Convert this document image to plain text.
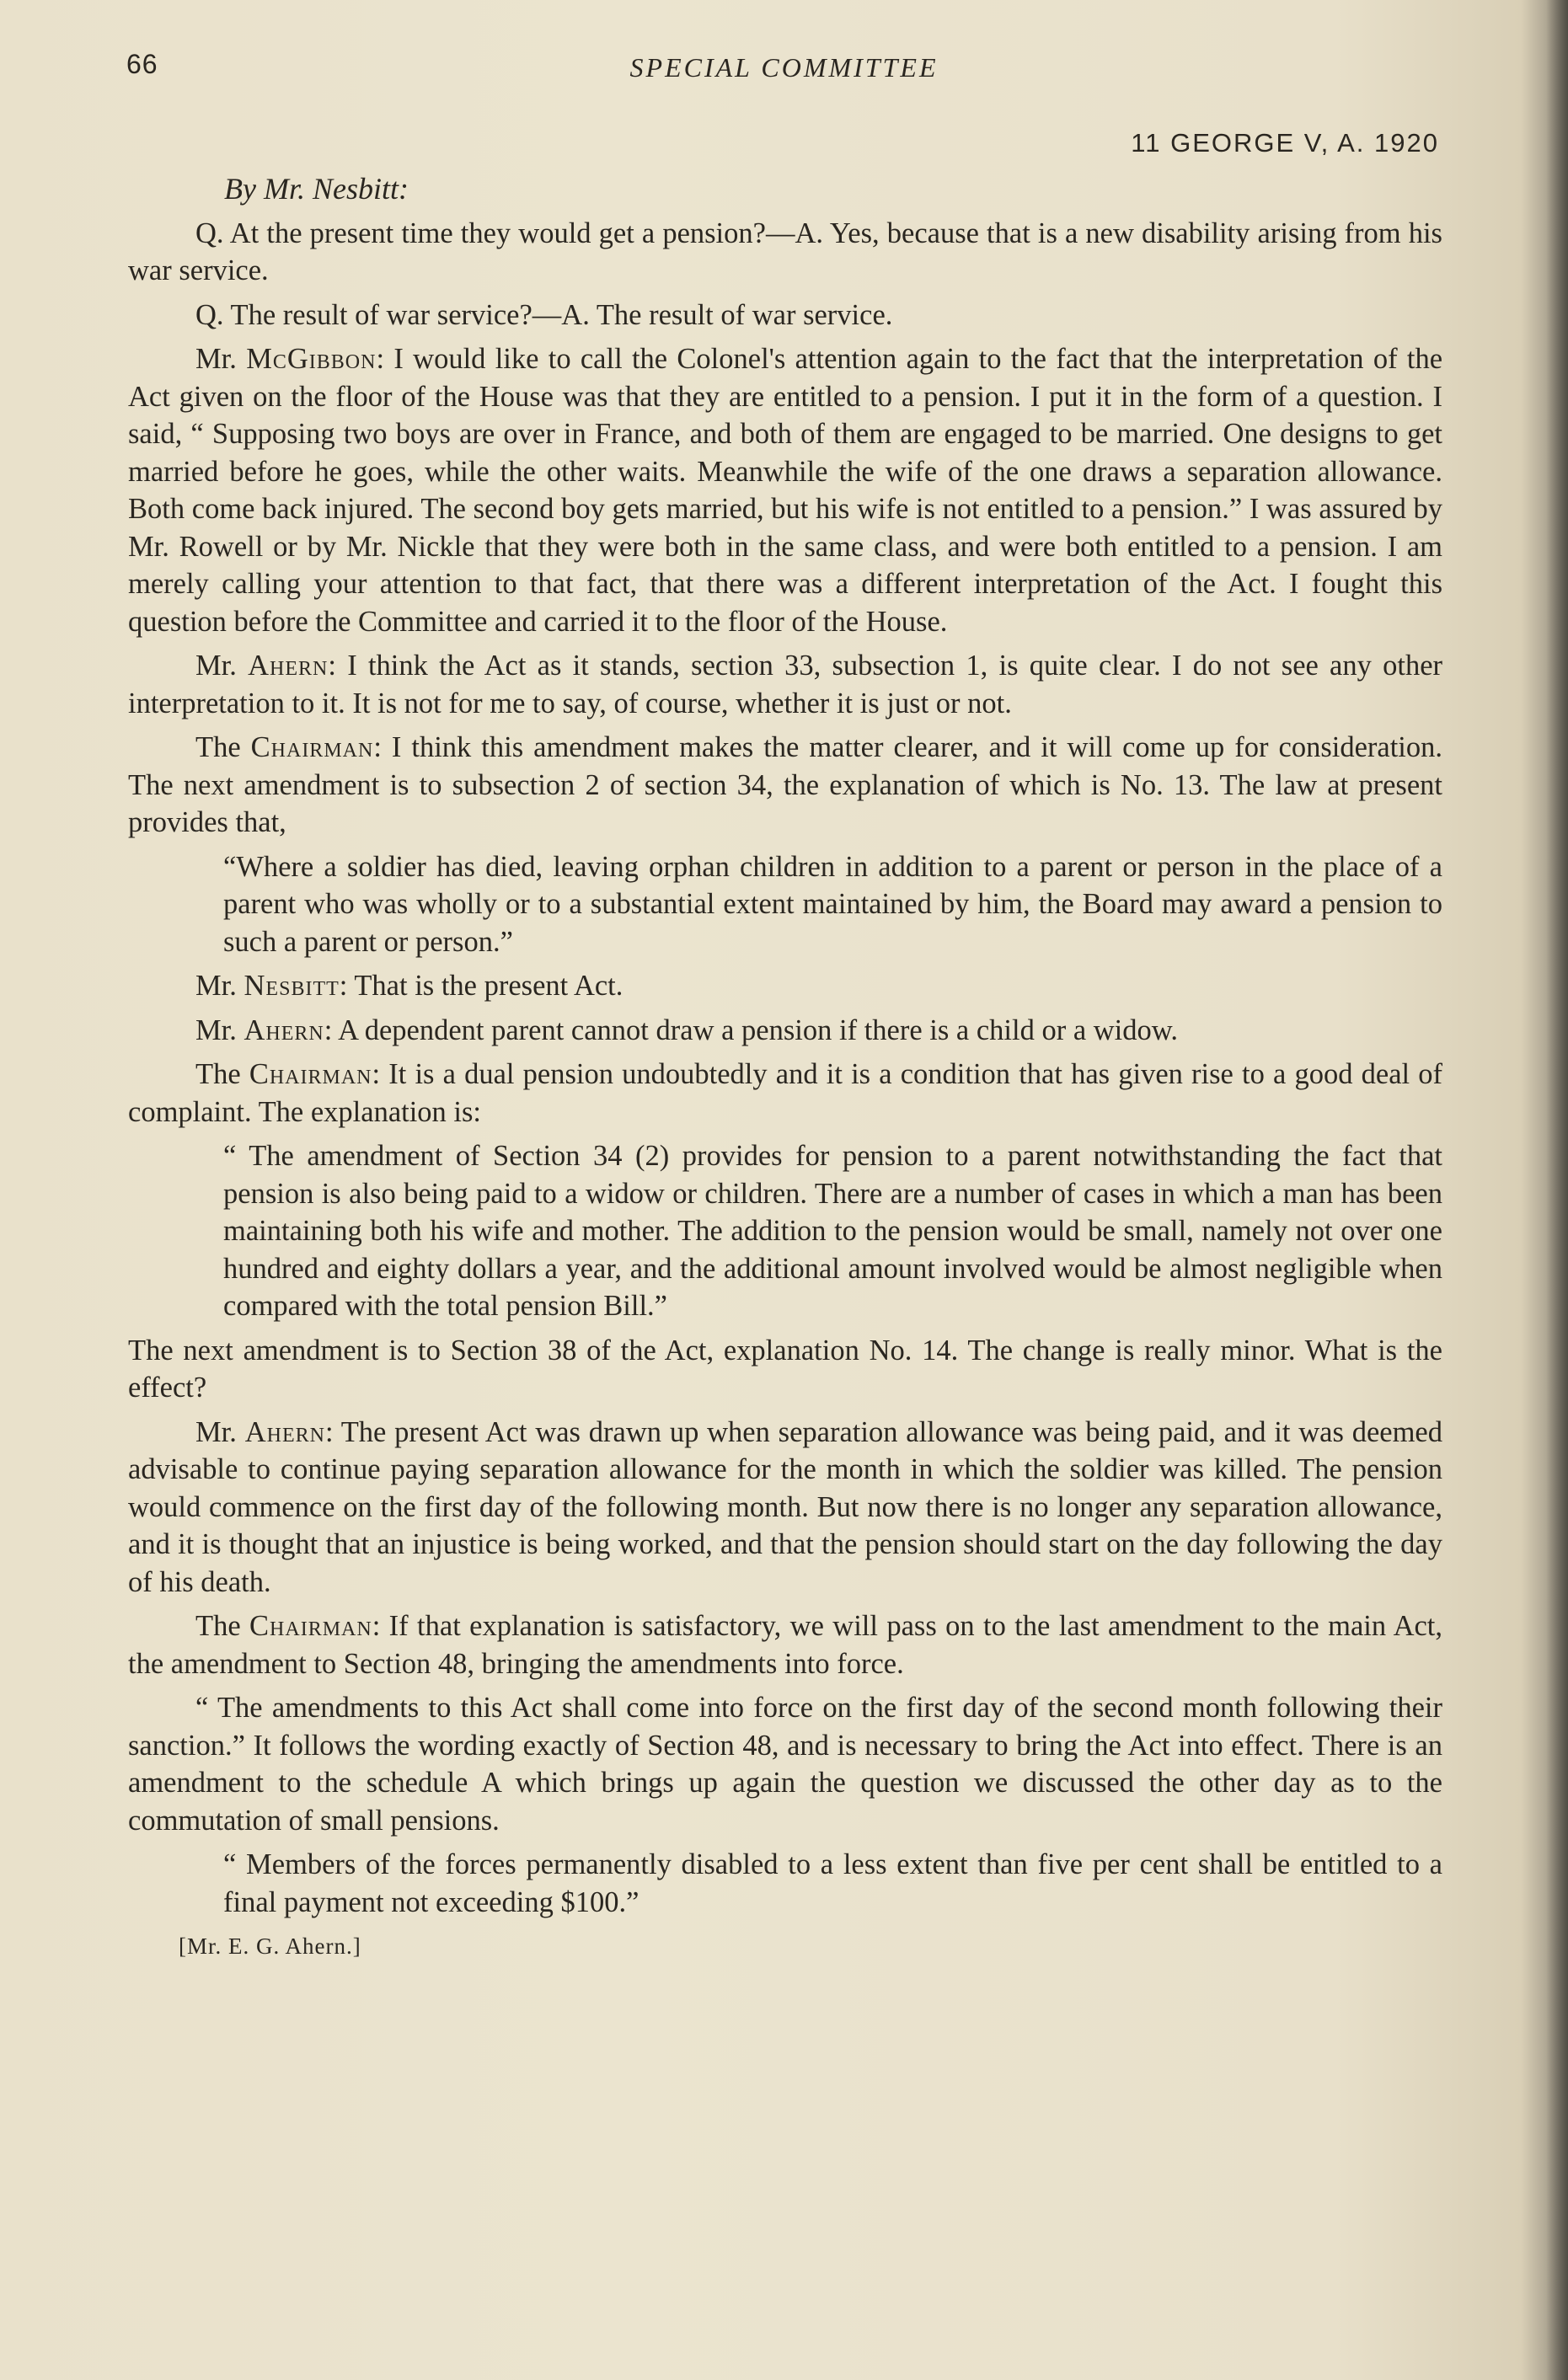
66	SPECIAL COMMITTEE
11 GEORGE V, A. 1920

By Mr. Nesbitt:

Q. At the present time they would get a pension?—A. Yes, because that is a new disability arising from his war service.

Q. The result of war service?—A. The result of war service.

Mr. McGibbon: I would like to call the Colonel's attention again to the fact that the interpretation of the Act given on the floor of the House was that they are entitled to a pension. I put it in the form of a question. I said, “ Supposing two boys are over in France, and both of them are engaged to be married. One designs to get married before he goes, while the other waits. Meanwhile the wife of the one draws a separation allowance. Both come back injured. The second boy gets married, but his wife is not entitled to a pension.” I was assured by Mr. Rowell or by Mr. Nickle that they were both in the same class, and were both entitled to a pension. I am merely calling your attention to that fact, that there was a different interpretation of the Act. I fought this question before the Committee and carried it to the floor of the House.

Mr. Ahern: I think the Act as it stands, section 33, subsection 1, is quite clear. I do not see any other interpretation to it. It is not for me to say, of course, whether it is just or not.

The Chairman: I think this amendment makes the matter clearer, and it will come up for consideration. The next amendment is to subsection 2 of section 34, the explanation of which is No. 13. The law at present provides that,

“Where a soldier has died, leaving orphan children in addition to a parent or person in the place of a parent who was wholly or to a substantial extent maintained by him, the Board may award a pension to such a parent or person.”

Mr. Nesbitt: That is the present Act.

Mr. Ahern: A dependent parent cannot draw a pension if there is a child or a widow.

The Chairman: It is a dual pension undoubtedly and it is a condition that has given rise to a good deal of complaint. The explanation is:

“ The amendment of Section 34 (2) provides for pension to a parent notwithstanding the fact that pension is also being paid to a widow or children. There are a number of cases in which a man has been maintaining both his wife and mother. The addition to the pension would be small, namely not over one hundred and eighty dollars a year, and the additional amount involved would be almost negligible when compared with the total pension Bill.”

The next amendment is to Section 38 of the Act, explanation No. 14. The change is really minor. What is the effect?

Mr. Ahern: The present Act was drawn up when separation allowance was being paid, and it was deemed advisable to continue paying separation allowance for the month in which the soldier was killed. The pension would commence on the first day of the following month. But now there is no longer any separation allowance, and it is thought that an injustice is being worked, and that the pension should start on the day following the day of his death.

The Chairman: If that explanation is satisfactory, we will pass on to the last amendment to the main Act, the amendment to Section 48, bringing the amendments into force.

“ The amendments to this Act shall come into force on the first day of the second month following their sanction.” It follows the wording exactly of Section 48, and is necessary to bring the Act into effect. There is an amendment to the schedule A which brings up again the question we discussed the other day as to the commutation of small pensions.

“ Members of the forces permanently disabled to a less extent than five per cent shall be entitled to a final payment not exceeding $100.”

[Mr. E. G. Ahern.]
